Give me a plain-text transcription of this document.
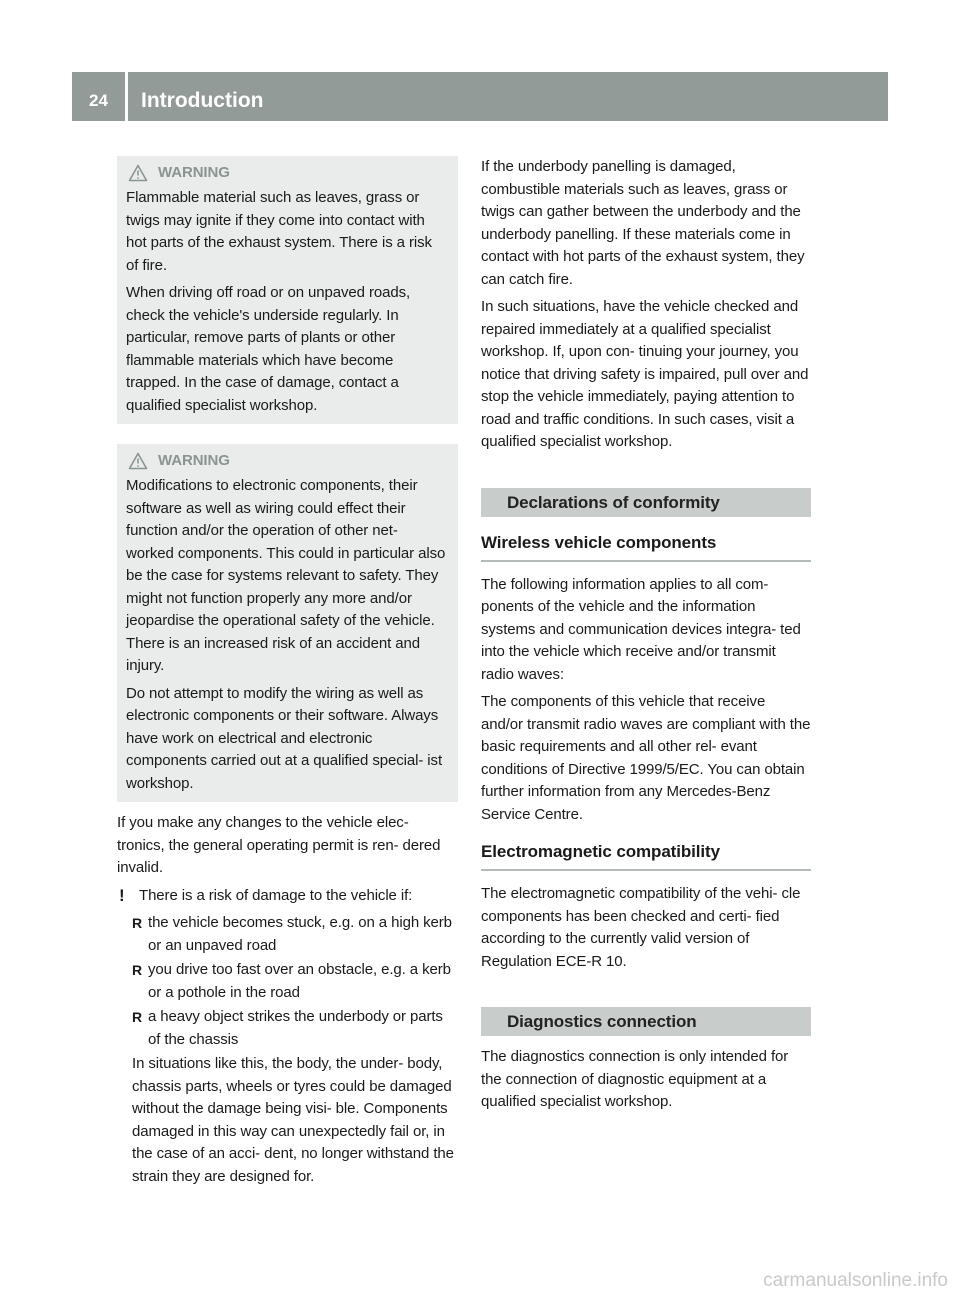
24	Introduction
WARNING

Flammable material such as leaves, grass or twigs may ignite if they come into contact with hot parts of the exhaust system. There is a risk of fire.

When driving off road or on unpaved roads, check the vehicle's underside regularly. In particular, remove parts of plants or other flammable materials which have become trapped. In the case of damage, contact a qualified specialist workshop.

WARNING

Modifications to electronic components, their software as well as wiring could effect their function and/or the operation of other net- worked components. This could in particular also be the case for systems relevant to safety. They might not function properly any more and/or jeopardise the operational safety of the vehicle. There is an increased risk of an accident and injury.

Do not attempt to modify the wiring as well as electronic components or their software. Always have work on electrical and electronic components carried out at a qualified special- ist workshop.

If you make any changes to the vehicle elec- tronics, the general operating permit is ren- dered invalid.

! There is a risk of damage to the vehicle if:

R the vehicle becomes stuck, e.g. on a high kerb or an unpaved road
R you drive too fast over an obstacle, e.g. a kerb or a pothole in the road
R a heavy object strikes the underbody or parts of the chassis

In situations like this, the body, the under- body, chassis parts, wheels or tyres could be damaged without the damage being visi- ble. Components damaged in this way can unexpectedly fail or, in the case of an acci- dent, no longer withstand the strain they are designed for.

If the underbody panelling is damaged, combustible materials such as leaves, grass or twigs can gather between the underbody and the underbody panelling. If these materials come in contact with hot parts of the exhaust system, they can catch fire.

In such situations, have the vehicle checked and repaired immediately at a qualified specialist workshop. If, upon con- tinuing your journey, you notice that driving safety is impaired, pull over and stop the vehicle immediately, paying attention to road and traffic conditions. In such cases, visit a qualified specialist workshop.

Declarations of conformity
Wireless vehicle components

The following information applies to all com- ponents of the vehicle and the information systems and communication devices integra- ted into the vehicle which receive and/or transmit radio waves:

The components of this vehicle that receive and/or transmit radio waves are compliant with the basic requirements and all other rel- evant conditions of Directive 1999/5/EC. You can obtain further information from any Mercedes-Benz Service Centre.

Electromagnetic compatibility

The electromagnetic compatibility of the vehi- cle components has been checked and certi- fied according to the currently valid version of Regulation ECE-R 10.

Diagnostics connection

The diagnostics connection is only intended for the connection of diagnostic equipment at a qualified specialist workshop.

carmanualsonline.info
